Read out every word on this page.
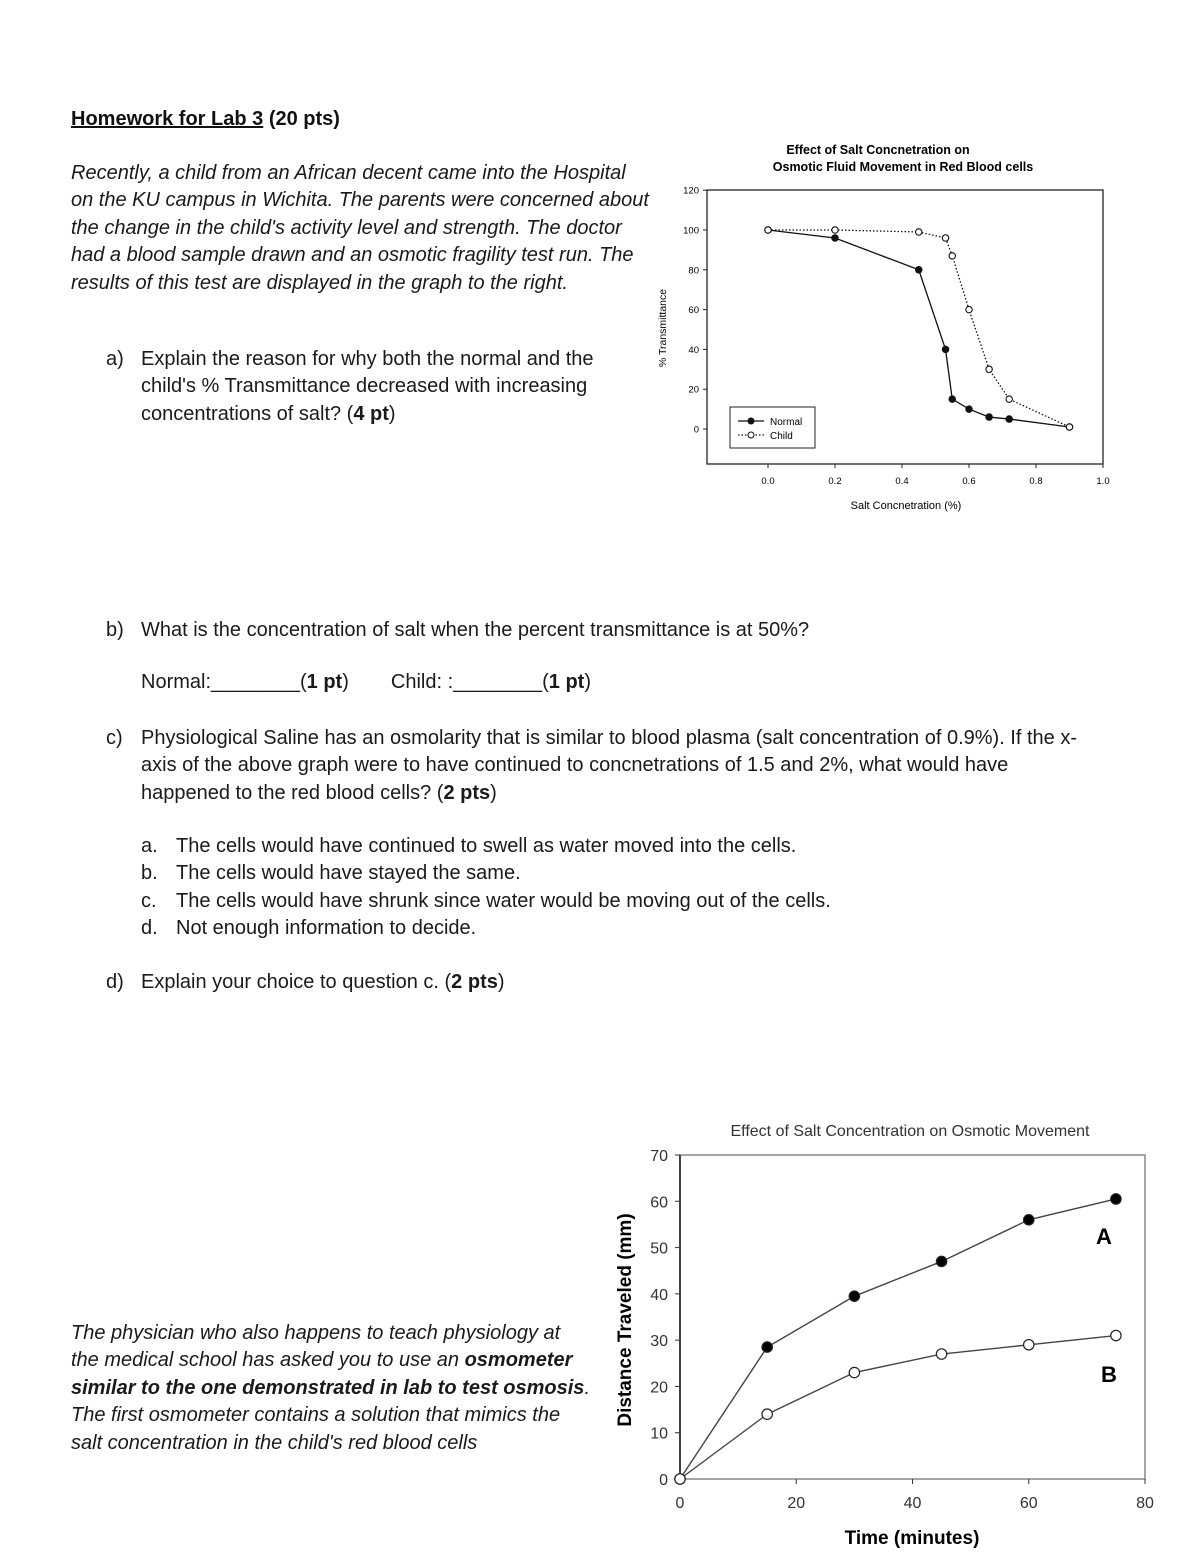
Homework for Lab 3 (20 pts)
Recently, a child from an African decent came into the Hospital on the KU campus in Wichita. The parents were concerned about the change in the child's activity level and strength. The doctor had a blood sample drawn and an osmotic fragility test run. The results of this test are displayed in the graph to the right.
a) Explain the reason for why both the normal and the child's % Transmittance decreased with increasing concentrations of salt? (4 pt)
Effect of Salt Concnetration on
Osmotic Fluid Movement in Red Blood cells
0
20
40
60
80
100
120
0.0	0.2	0.4	0.6	0.8	1.0
Salt Concnetration (%)
% Transmittance
Normal
Child
b) What is the concentration of salt when the percent transmittance is at 50%?
Normal:________(1 pt) Child: :________(1 pt)
c) Physiological Saline has an osmolarity that is similar to blood plasma (salt concentration of 0.9%). If the x-axis of the above graph were to have continued to concnetrations of 1.5 and 2%, what would have happened to the red blood cells? (2 pts)
a. The cells would have continued to swell as water moved into the cells.
b. The cells would have stayed the same.
c. The cells would have shrunk since water would be moving out of the cells.
d. Not enough information to decide.
d) Explain your choice to question c. (2 pts)
The physician who also happens to teach physiology at the medical school has asked you to use an osmometer similar to the one demonstrated in lab to test osmosis. The first osmometer contains a solution that mimics the salt concentration in the child's red blood cells
Effect of Salt Concentration on Osmotic Movement
0
10
20
30
40
50
60
70
0	20	40	60	80
Time (minutes)
Distance Traveled (mm)	A
B
